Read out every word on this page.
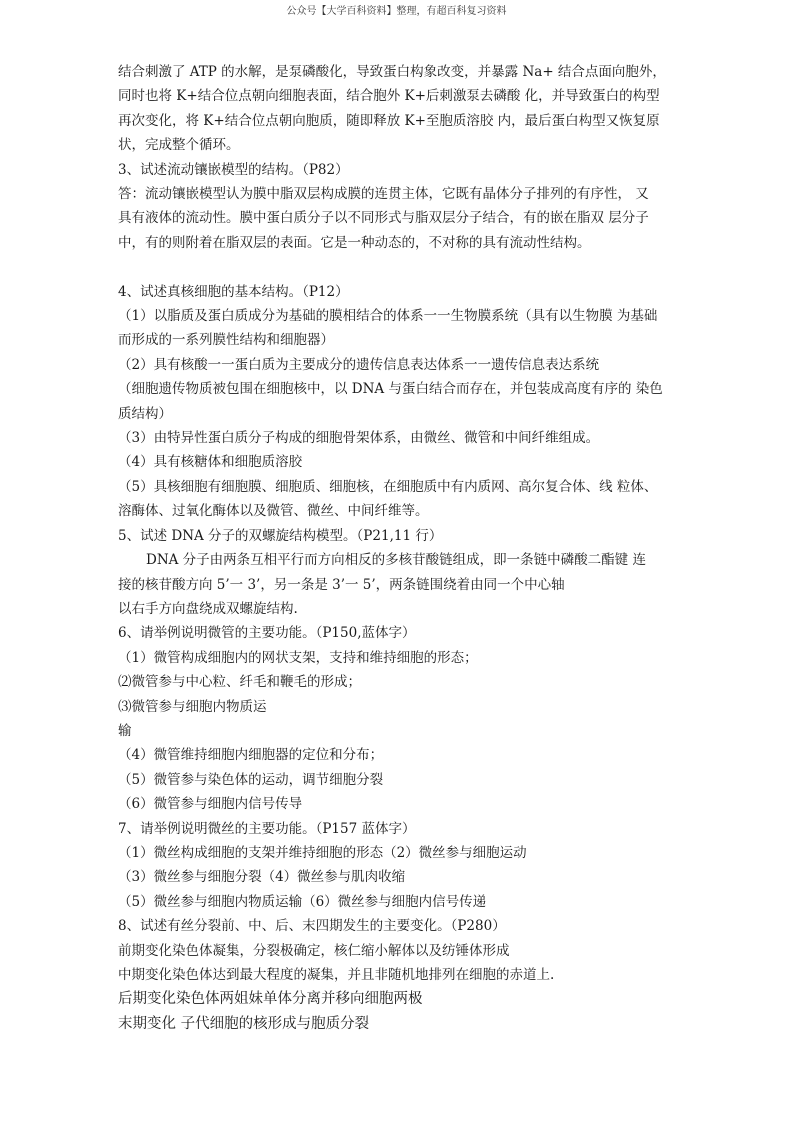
公众号【大学百科资料】整理，有超百科复习资料
结合刺激了 ATP 的水解，是泵磷酸化，导致蛋白构象改变，并暴露 Na+ 结合点面向胞外，
同时也将 K+结合位点朝向细胞表面，结合胞外 K+后刺激泵去磷酸 化，并导致蛋白的构型
再次变化，将 K+结合位点朝向胞质，随即释放 K+至胞质溶胶 内，最后蛋白构型又恢复原
状，完成整个循环。
3、试述流动镶嵌模型的结构。（P82）
答：流动镶嵌模型认为膜中脂双层构成膜的连贯主体，它既有晶体分子排列的有序性， 又
具有液体的流动性。膜中蛋白质分子以不同形式与脂双层分子结合，有的嵌在脂双 层分子
中，有的则附着在脂双层的表面。它是一种动态的，不对称的具有流动性结构。
4、试述真核细胞的基本结构。（P12）
（1）以脂质及蛋白质成分为基础的膜相结合的体系一一生物膜系统（具有以生物膜 为基础
而形成的一系列膜性结构和细胞器）
（2）具有核酸一一蛋白质为主要成分的遗传信息表达体系一一遗传信息表达系统
（细胞遗传物质被包围在细胞核中，以 DNA 与蛋白结合而存在，并包装成高度有序的 染色
质结构）
（3）由特异性蛋白质分子构成的细胞骨架体系，由微丝、微管和中间纤维组成。
（4）具有核糖体和细胞质溶胶
（5）具核细胞有细胞膜、细胞质、细胞核，在细胞质中有内质网、高尔复合体、线 粒体、
溶酶体、过氧化酶体以及微管、微丝、中间纤维等。
5、试述 DNA 分子的双螺旋结构模型。（P21,11 行）
DNA 分子由两条互相平行而方向相反的多核苷酸链组成，即一条链中磷酸二酯键 连
接的核苷酸方向 5’一 3’，另一条是 3’一 5’，两条链围绕着由同一个中心轴
以右手方向盘绕成双螺旋结构.
6、请举例说明微管的主要功能。（P150,蓝体字）
（1）微管构成细胞内的网状支架，支持和维持细胞的形态；
⑵微管参与中心粒、纤毛和鞭毛的形成；
⑶微管参与细胞内物质运
输
（4）微管维持细胞内细胞器的定位和分布；
（5）微管参与染色体的运动，调节细胞分裂
（6）微管参与细胞内信号传导
7、请举例说明微丝的主要功能。（P157 蓝体字）
（1）微丝构成细胞的支架并维持细胞的形态（2）微丝参与细胞运动
（3）微丝参与细胞分裂（4）微丝参与肌肉收缩
（5）微丝参与细胞内物质运输（6）微丝参与细胞内信号传递
8、试述有丝分裂前、中、后、末四期发生的主要变化。（P280）
前期变化染色体凝集，分裂极确定，核仁缩小解体以及纺锤体形成
中期变化染色体达到最大程度的凝集，并且非随机地排列在细胞的赤道上.
后期变化染色体两姐妹单体分离并移向细胞两极
末期变化 子代细胞的核形成与胞质分裂
